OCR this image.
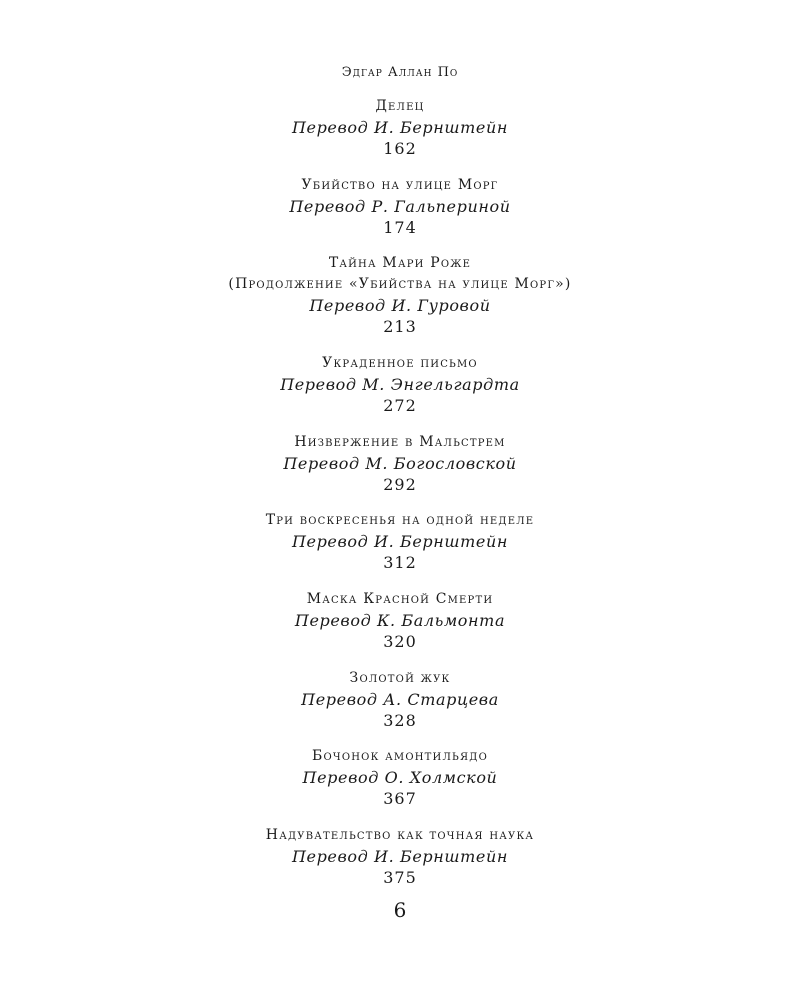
Эдгар Аллан По
Делец
Перевод И. Бернштейн
162
Убийство на улице Морг
Перевод Р. Гальпериной
174
Тайна Мари Роже
(Продолжение «Убийства на улице Морг»)
Перевод И. Гуровой
213
Украденное письмо
Перевод М. Энгельгардта
272
Низвержение в Мальстрем
Перевод М. Богословской
292
Три воскресенья на одной неделе
Перевод И. Бернштейн
312
Маска Красной Смерти
Перевод К. Бальмонта
320
Золотой жук
Перевод А. Старцева
328
Бочонок амонтильядо
Перевод О. Холмской
367
Надувательство как точная наука
Перевод И. Бернштейн
375
6
